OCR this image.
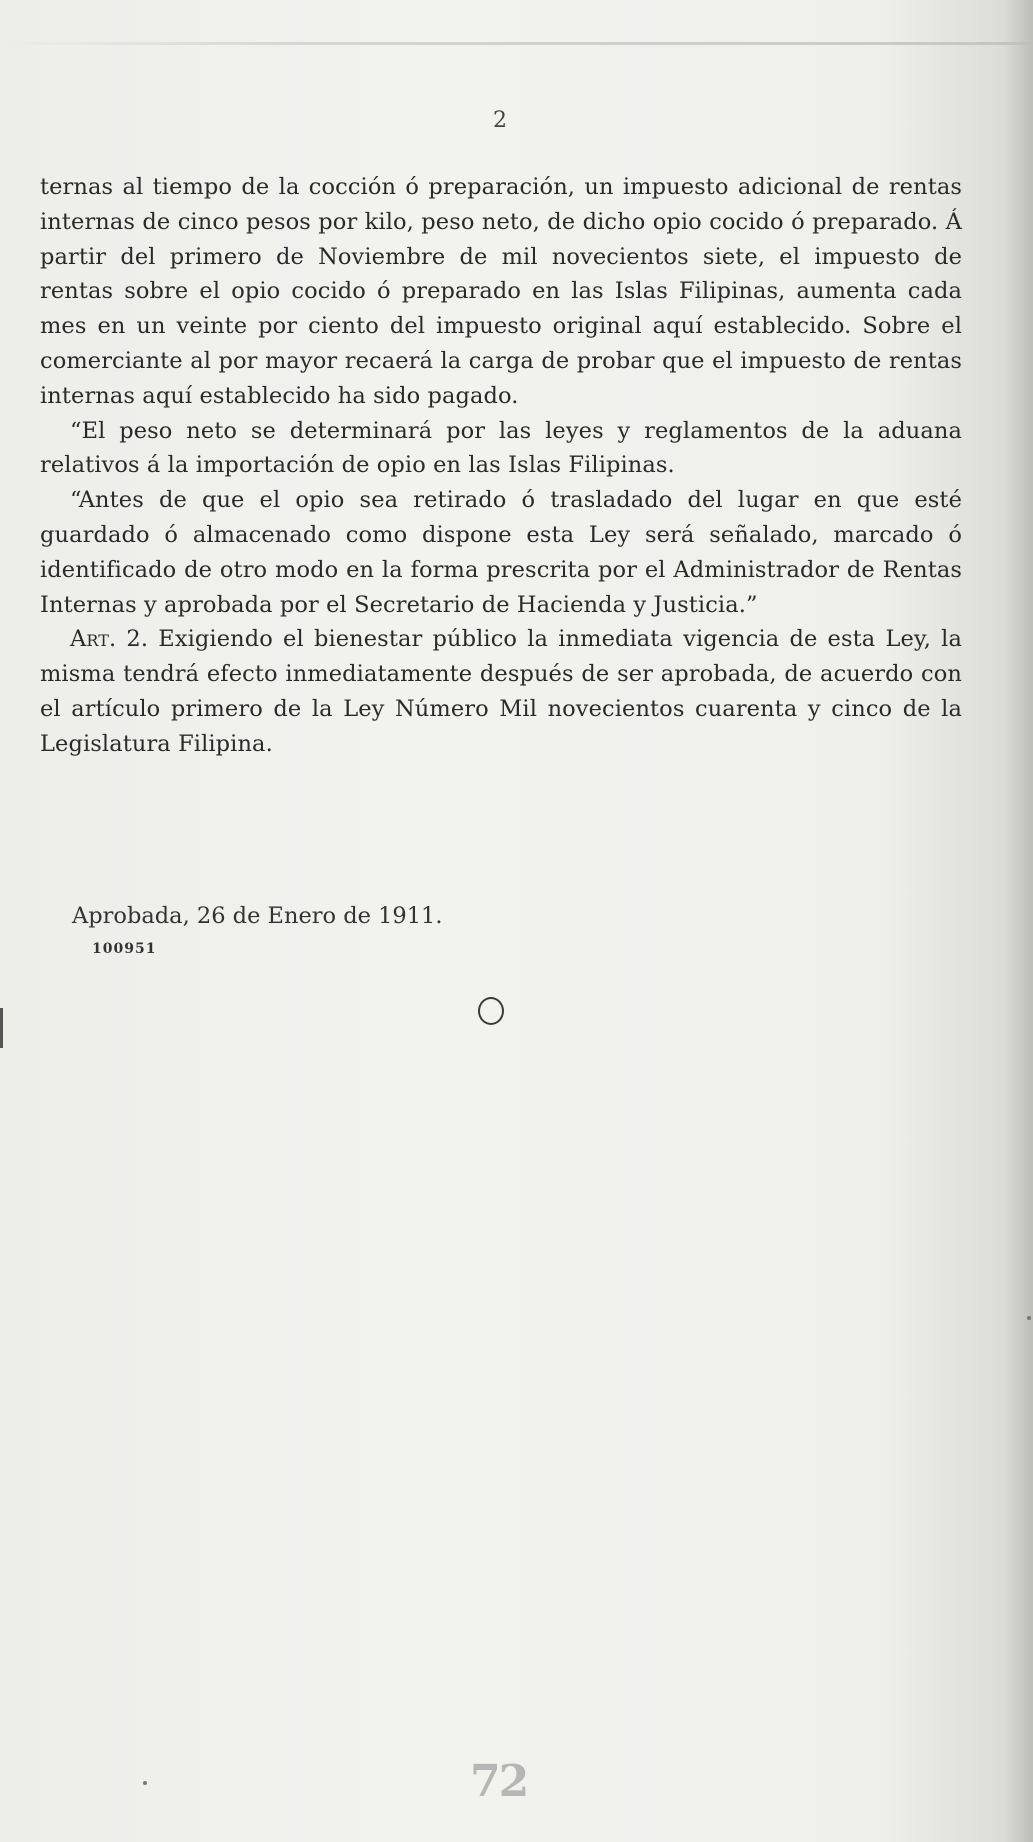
2

ternas al tiempo de la cocción ó preparación, un impuesto adicional de rentas internas de cinco pesos por kilo, peso neto, de dicho opio cocido ó preparado. Á partir del primero de Noviembre de mil novecientos siete, el impuesto de rentas sobre el opio cocido ó preparado en las Islas Filipinas, aumenta cada mes en un veinte por ciento del impuesto original aquí establecido. Sobre el comerciante al por mayor recaerá la carga de probar que el impuesto de rentas internas aquí establecido ha sido pagado.

“El peso neto se determinará por las leyes y reglamentos de la aduana relativos á la importación de opio en las Islas Filipinas.

“Antes de que el opio sea retirado ó trasladado del lugar en que esté guardado ó almacenado como dispone esta Ley será señalado, marcado ó identificado de otro modo en la forma prescrita por el Administrador de Rentas Internas y aprobada por el Secretario de Hacienda y Justicia.”

Art. 2. Exigiendo el bienestar público la inmediata vigencia de esta Ley, la misma tendrá efecto inmediatamente después de ser aprobada, de acuerdo con el artículo primero de la Ley Número Mil novecientos cuarenta y cinco de la Legislatura Filipina.

Aprobada, 26 de Enero de 1911.
100951
72
